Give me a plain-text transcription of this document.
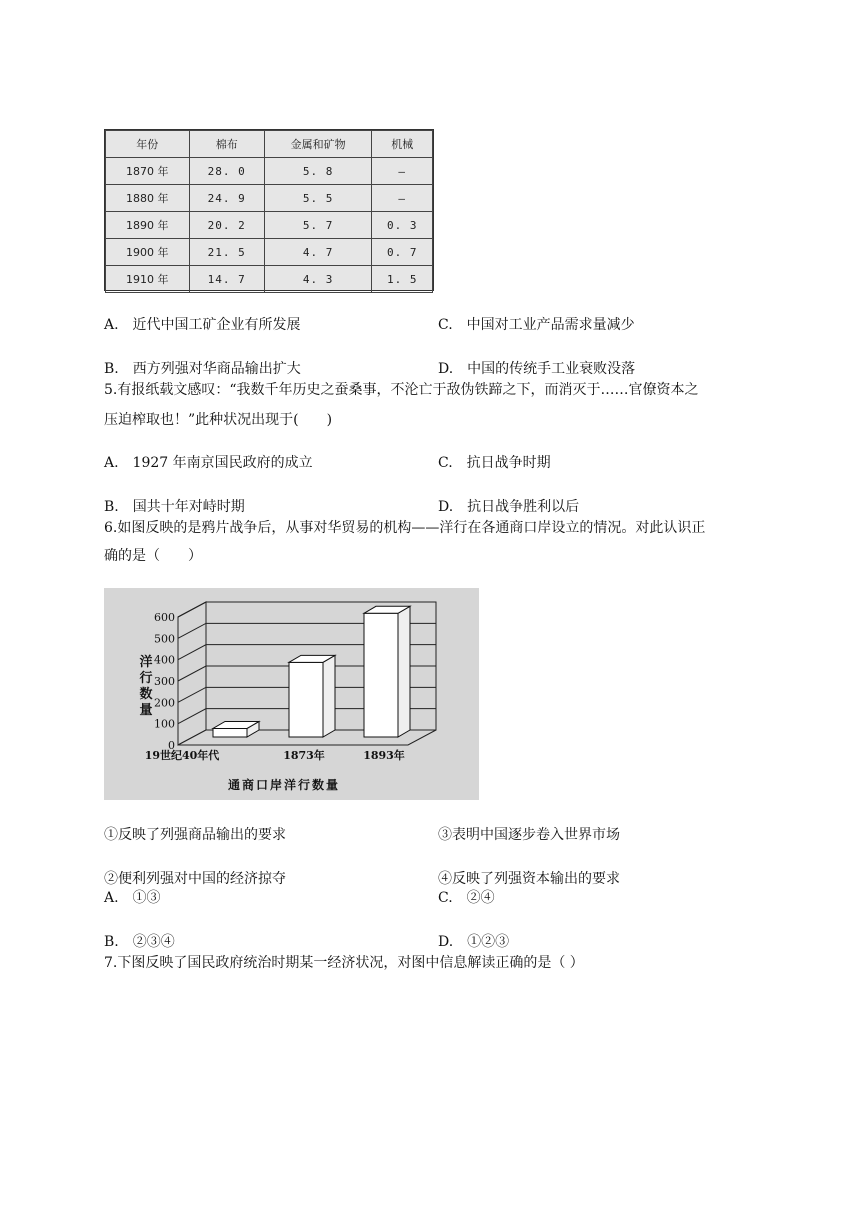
年份	棉布	金属和矿物	机械
1870 年	28. 0	5. 8	—
1880 年	24. 9	5. 5	—
1890 年	20. 2	5. 7	0. 3
1900 年	21. 5	4. 7	0. 7
1910 年	14. 7	4. 3	1. 5
A.　近代中国工矿企业有所发展	C.　中国对工业产品需求量减少
B.　西方列强对华商品输出扩大	D.　中国的传统手工业衰败没落
5.有报纸载文感叹：“我数千年历史之蚕桑事，不沦亡于敌伪铁蹄之下，而消灭于……官僚资本之
压迫榨取也！”此种状况出现于(　　)
A.　1927 年南京国民政府的成立	C.　抗日战争时期
B.　国共十年对峙时期	D.　抗日战争胜利以后
6.如图反映的是鸦片战争后，从事对华贸易的机构——洋行在各通商口岸设立的情况。对此认识正
确的是（　　）
0
100
200
300
400
500
600
19世纪40年代	1873年	1893年
洋行数量
通商口岸洋行数量
①反映了列强商品输出的要求	③表明中国逐步卷入世界市场
②便利列强对中国的经济掠夺	④反映了列强资本输出的要求
A.　①③	C.　②④
B.　②③④	D.　①②③
7.下图反映了国民政府统治时期某一经济状况，对图中信息解读正确的是（ ）
